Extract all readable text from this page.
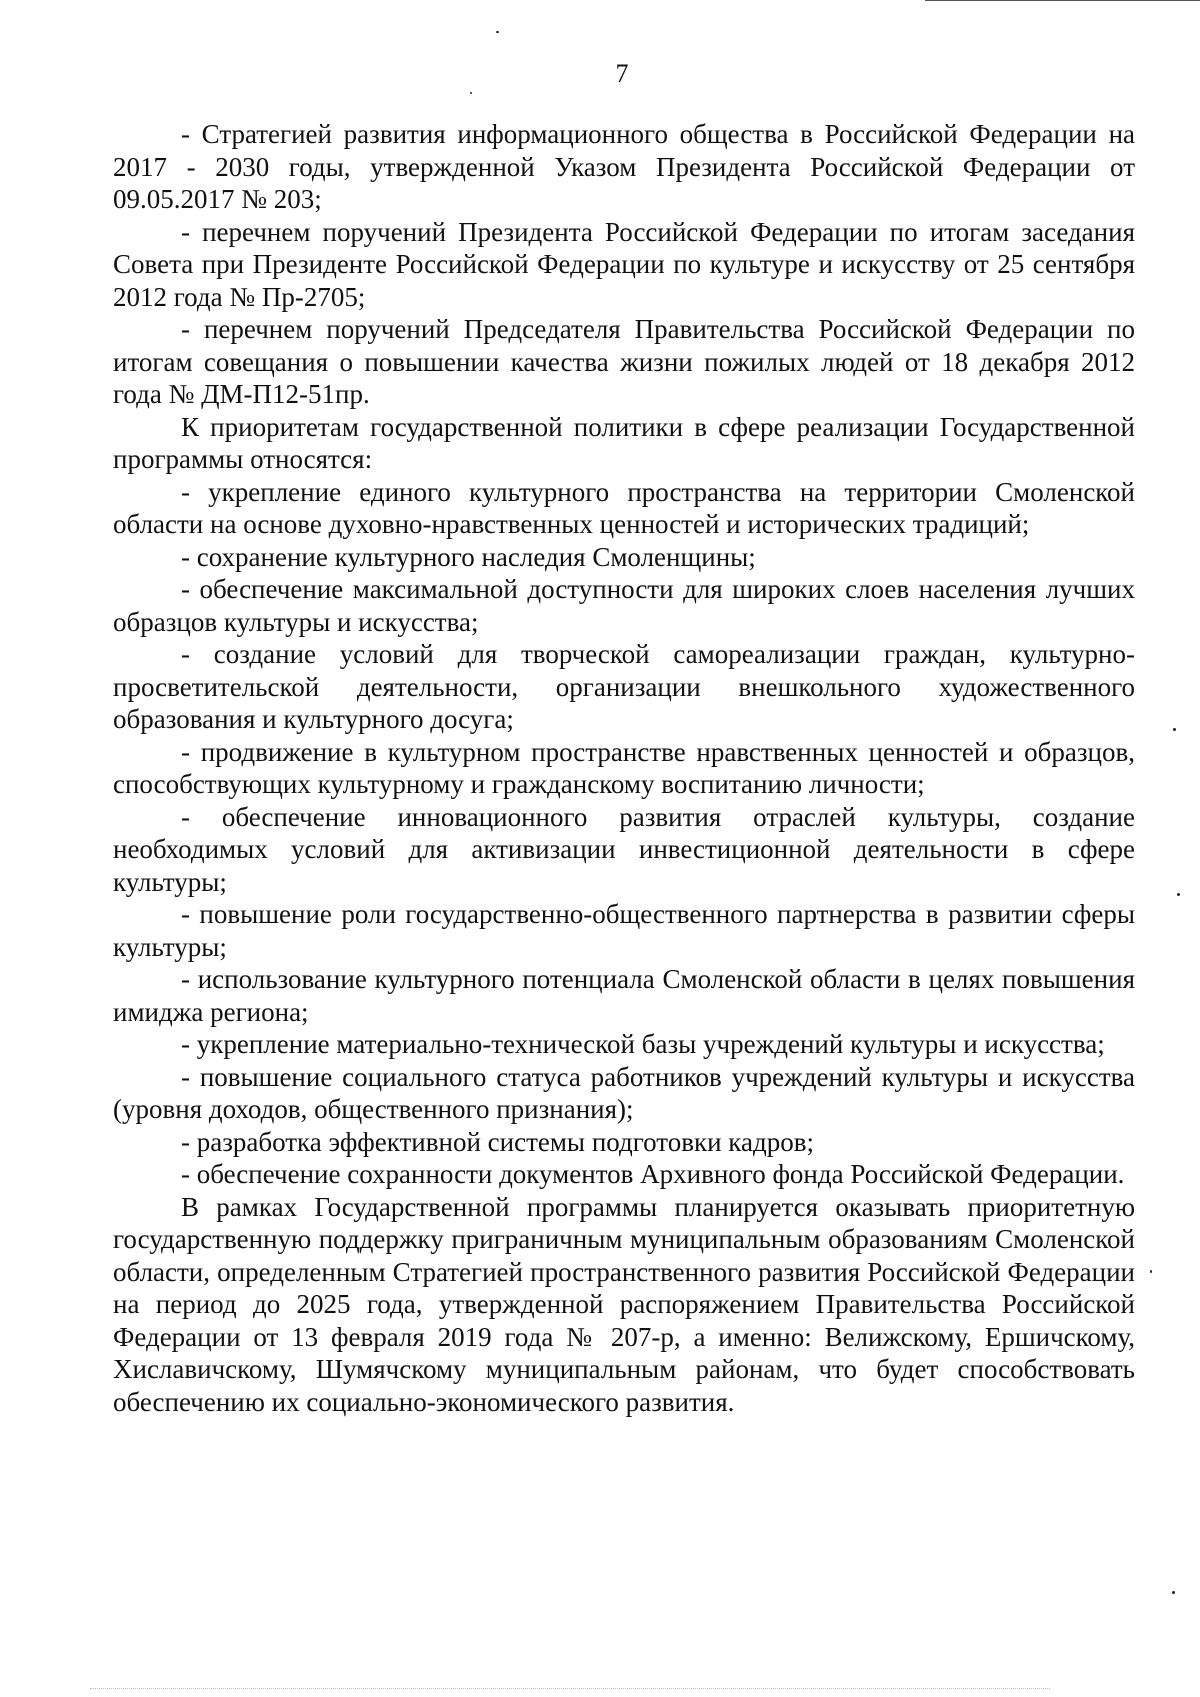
7

- Стратегией развития информационного общества в Российской Федерации на 2017 - 2030 годы, утвержденной Указом Президента Российской Федерации от 09.05.2017 № 203;

- перечнем поручений Президента Российской Федерации по итогам заседания Совета при Президенте Российской Федерации по культуре и искусству от 25 сентября 2012 года № Пр-2705;

- перечнем поручений Председателя Правительства Российской Федерации по итогам совещания о повышении качества жизни пожилых людей от 18 декабря 2012 года № ДМ-П12-51пр.

К приоритетам государственной политики в сфере реализации Государственной программы относятся:

- укрепление единого культурного пространства на территории Смоленской области на основе духовно-нравственных ценностей и исторических традиций;

- сохранение культурного наследия Смоленщины;

- обеспечение максимальной доступности для широких слоев населения лучших образцов культуры и искусства;

- создание условий для творческой самореализации граждан, культурно-просветительской деятельности, организации внешкольного художественного образования и культурного досуга;

- продвижение в культурном пространстве нравственных ценностей и образцов, способствующих культурному и гражданскому воспитанию личности;

- обеспечение инновационного развития отраслей культуры, создание необходимых условий для активизации инвестиционной деятельности в сфере культуры;

- повышение роли государственно-общественного партнерства в развитии сферы культуры;

- использование культурного потенциала Смоленской области в целях повышения имиджа региона;

- укрепление материально-технической базы учреждений культуры и искусства;

- повышение социального статуса работников учреждений культуры и искусства (уровня доходов, общественного признания);

- разработка эффективной системы подготовки кадров;

- обеспечение сохранности документов Архивного фонда Российской Федерации.

В рамках Государственной программы планируется оказывать приоритетную государственную поддержку приграничным муниципальным образованиям Смоленской области, определенным Стратегией пространственного развития Российской Федерации на период до 2025 года, утвержденной распоряжением Правительства Российской Федерации от 13 февраля 2019 года № 207-р, а именно: Велижскому, Ершичскому, Хиславичскому, Шумячскому муниципальным районам, что будет способствовать обеспечению их социально-экономического развития.
